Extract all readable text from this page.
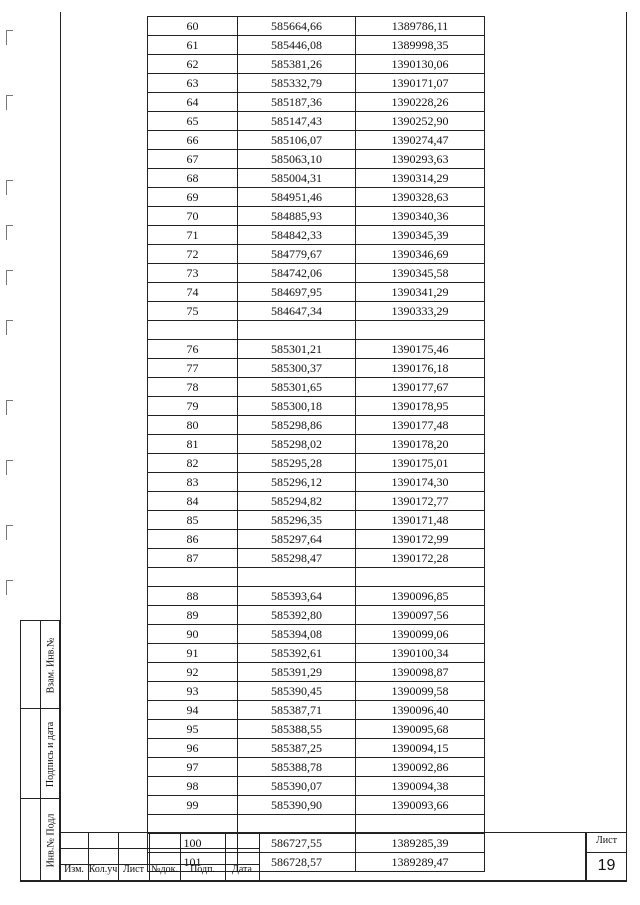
Взам. Инв.№
Подпись и дата
Инв.№ Подл
60	585664,66	1389786,11
61	585446,08	1389998,35
62	585381,26	1390130,06
63	585332,79	1390171,07
64	585187,36	1390228,26
65	585147,43	1390252,90
66	585106,07	1390274,47
67	585063,10	1390293,63
68	585004,31	1390314,29
69	584951,46	1390328,63
70	584885,93	1390340,36
71	584842,33	1390345,39
72	584779,67	1390346,69
73	584742,06	1390345,58
74	584697,95	1390341,29
75	584647,34	1390333,29

76	585301,21	1390175,46
77	585300,37	1390176,18
78	585301,65	1390177,67
79	585300,18	1390178,95
80	585298,86	1390177,48
81	585298,02	1390178,20
82	585295,28	1390175,01
83	585296,12	1390174,30
84	585294,82	1390172,77
85	585296,35	1390171,48
86	585297,64	1390172,99
87	585298,47	1390172,28

88	585393,64	1390096,85
89	585392,80	1390097,56
90	585394,08	1390099,06
91	585392,61	1390100,34
92	585391,29	1390098,87
93	585390,45	1390099,58
94	585387,71	1390096,40
95	585388,55	1390095,68
96	585387,25	1390094,15
97	585388,78	1390092,86
98	585390,07	1390094,38
99	585390,90	1390093,66

100	586727,55	1389285,39
101	586728,57	1389289,47

Изм. Кол.уч Лист №док.	Подп.	Дата
Лист
19
